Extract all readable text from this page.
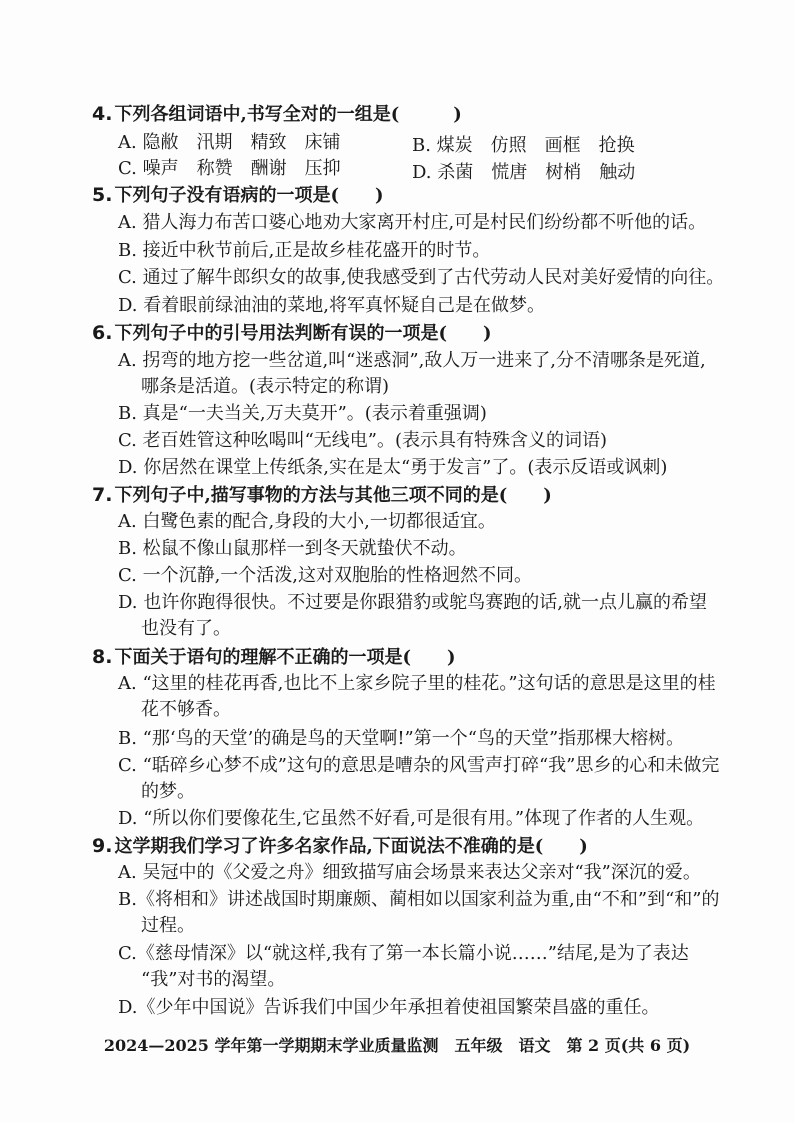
4. 下列各组词语中,书写全对的一组是(　　　)
A. 隐敝　汛期　精致　床铺	B. 煤炭　仿照　画框　抢换
C. 噪声　称赞　酬谢　压抑	D. 杀菌　慌唐　树梢　触动
5. 下列句子没有语病的一项是(　　)
A. 猎人海力布苦口婆心地劝大家离开村庄,可是村民们纷纷都不听他的话。
B. 接近中秋节前后,正是故乡桂花盛开的时节。
C. 通过了解牛郎织女的故事,使我感受到了古代劳动人民对美好爱情的向往。
D. 看着眼前绿油油的菜地,将军真怀疑自己是在做梦。
6. 下列句子中的引号用法判断有误的一项是(　　)
A. 拐弯的地方挖一些岔道,叫“迷惑洞”,敌人万一进来了,分不清哪条是死道,
哪条是活道。(表示特定的称谓)
B. 真是“一夫当关,万夫莫开”。(表示着重强调)
C. 老百姓管这种吆喝叫“无线电”。(表示具有特殊含义的词语)
D. 你居然在课堂上传纸条,实在是太“勇于发言”了。(表示反语或讽刺)
7. 下列句子中,描写事物的方法与其他三项不同的是(　　)
A. 白鹭色素的配合,身段的大小,一切都很适宜。
B. 松鼠不像山鼠那样一到冬天就蛰伏不动。
C. 一个沉静,一个活泼,这对双胞胎的性格迥然不同。
D. 也许你跑得很快。不过要是你跟猎豹或鸵鸟赛跑的话,就一点儿赢的希望
也没有了。
8. 下面关于语句的理解不正确的一项是(　　)
A. “这里的桂花再香,也比不上家乡院子里的桂花。”这句话的意思是这里的桂
花不够香。
B. “那‘鸟的天堂’的确是鸟的天堂啊!”第一个“鸟的天堂”指那棵大榕树。
C. “聒碎乡心梦不成”这句的意思是嘈杂的风雪声打碎“我”思乡的心和未做完
的梦。
D. “所以你们要像花生,它虽然不好看,可是很有用。”体现了作者的人生观。
9. 这学期我们学习了许多名家作品,下面说法不准确的是(　　)
A. 吴冠中的《父爱之舟》细致描写庙会场景来表达父亲对“我”深沉的爱。
B.《将相和》讲述战国时期廉颇、蔺相如以国家利益为重,由“不和”到“和”的
过程。
C.《慈母情深》以“就这样,我有了第一本长篇小说……”结尾,是为了表达
“我”对书的渴望。
D.《少年中国说》告诉我们中国少年承担着使祖国繁荣昌盛的重任。
2024—2025 学年第一学期期末学业质量监测　五年级　语文　第 2 页(共 6 页)
